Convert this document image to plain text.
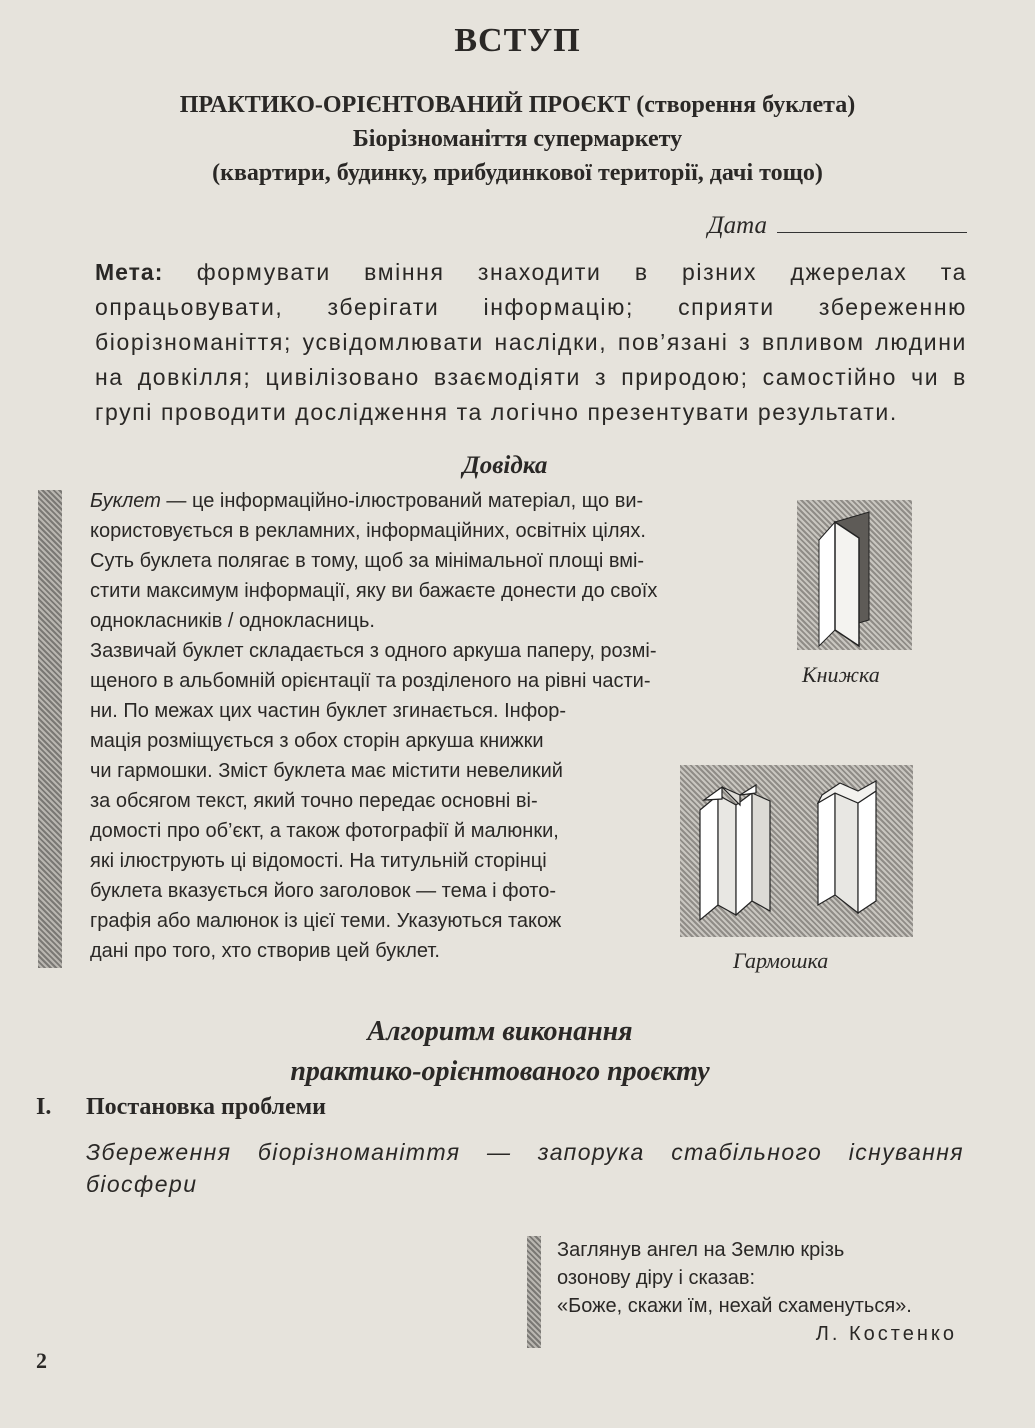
ВСТУП
ПРАКТИКО-ОРІЄНТОВАНИЙ ПРОЄКТ (створення буклета)
Біорізноманіття супермаркету
(квартири, будинку, прибудинкової території, дачі тощо)
Дата
Мета: формувати вміння знаходити в різних джерелах та опрацьовувати, зберігати інформацію; сприяти збереженню біорізноманіття; усвідомлювати наслідки, пов’язані з впливом людини на довкілля; цивілізовано взаємодіяти з природою; самостійно чи в групі проводити дослідження та логічно презентувати результати.
Довідка
Буклет — це інформаційно-ілюстрований матеріал, що ви-
користовується в рекламних, інформаційних, освітніх цілях.
Суть буклета полягає в тому, щоб за мінімальної площі вмі-
стити максимум інформації, яку ви бажаєте донести до своїх
однокласників / однокласниць.
Зазвичай буклет складається з одного аркуша паперу, розмі-
щеного в альбомній орієнтації та розділеного на рівні части-
ни. По межах цих частин буклет згинається. Інфор-
мація розміщується з обох сторін аркуша книжки
чи гармошки. Зміст буклета має містити невеликий
за обсягом текст, який точно передає основні ві-
домості про об’єкт, а також фотографії й малюнки,
які ілюструють ці відомості. На титульній сторінці
буклета вказується його заголовок — тема і фото-
графія або малюнок із цієї теми. Указуються також
дані про того, хто створив цей буклет.
Книжка
Гармошка
Алгоритм виконання
практико-орієнтованого проєкту
I. Постановка проблеми
Збереження біорізноманіття — запорука стабільного існування біосфери
Заглянув ангел на Землю крізь
озонову діру і сказав:
«Боже, скажи їм, нехай схаменуться».
Л. Костенко
2
